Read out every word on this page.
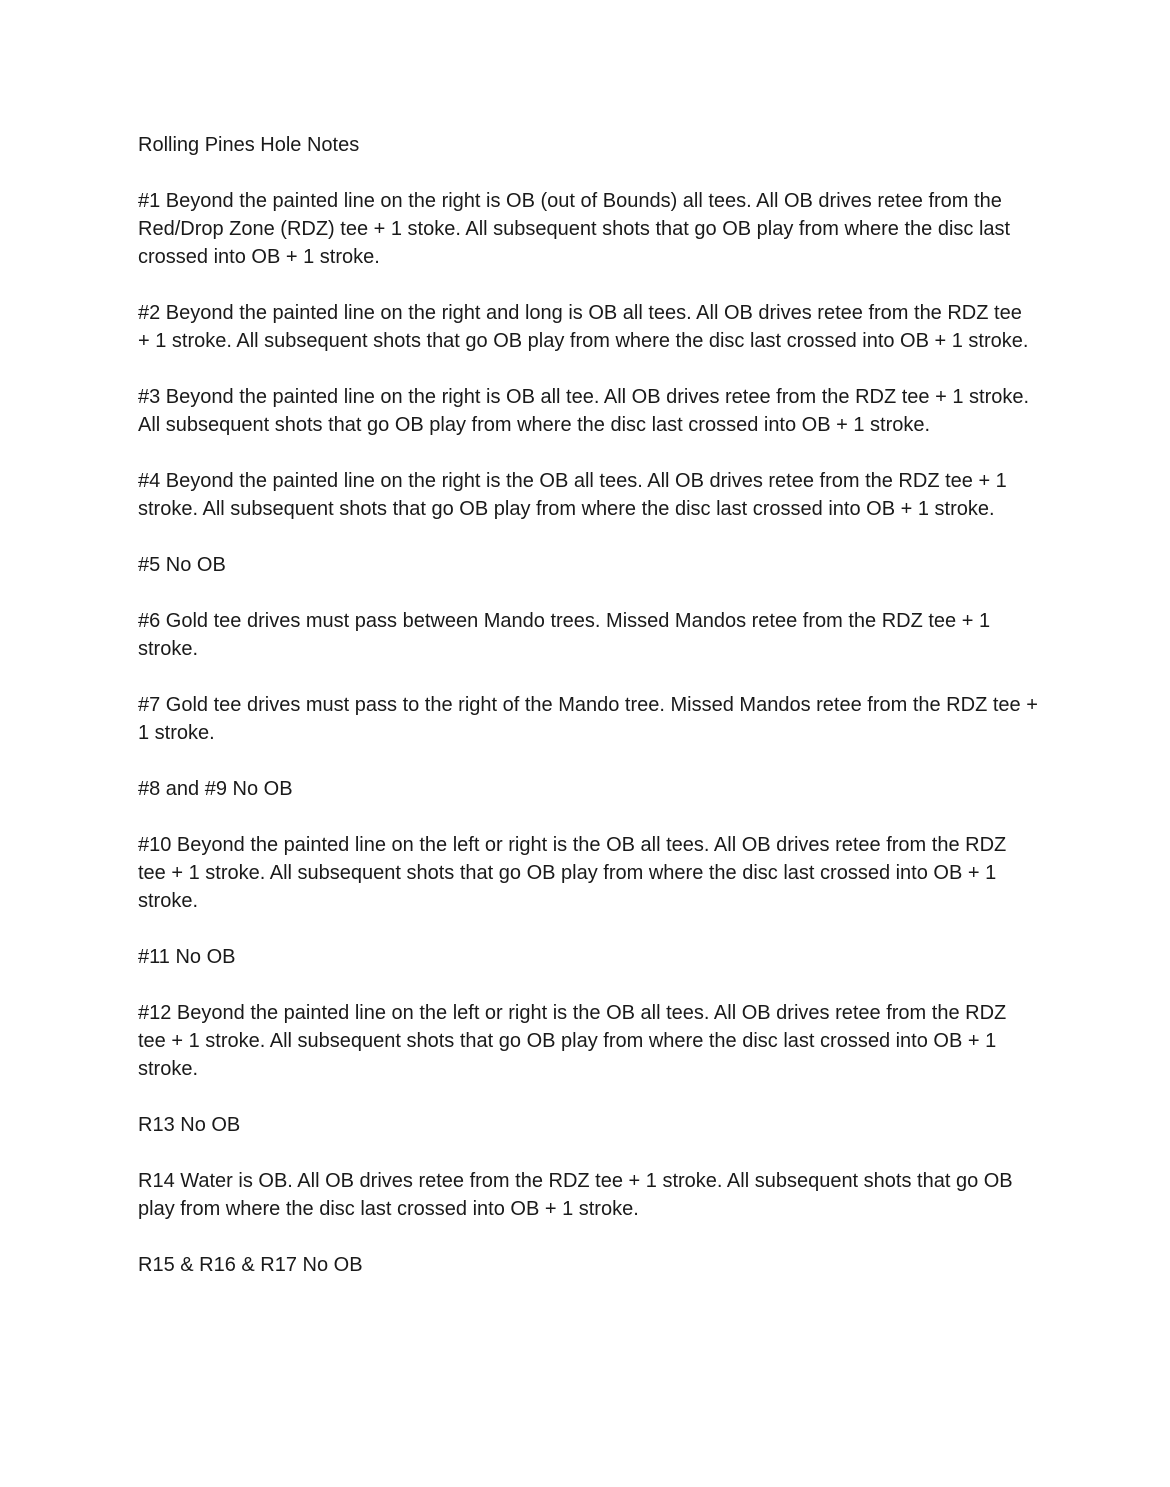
Rolling Pines Hole Notes

#1 Beyond the painted line on the right is OB (out of Bounds) all tees. All OB drives retee from the Red/Drop Zone (RDZ) tee + 1 stoke. All subsequent shots that go OB play from where the disc last crossed into OB + 1 stroke.

#2 Beyond the painted line on the right and long is OB all tees. All OB drives retee from the RDZ tee + 1 stroke. All subsequent shots that go OB play from where the disc last crossed into OB + 1 stroke.

#3 Beyond the painted line on the right is OB all tee. All OB drives retee from the RDZ tee + 1 stroke. All subsequent shots that go OB play from where the disc last crossed into OB + 1 stroke.

#4 Beyond the painted line on the right is the OB all tees. All OB drives retee from the RDZ tee + 1 stroke. All subsequent shots that go OB play from where the disc last crossed into OB + 1 stroke.

#5 No OB

#6 Gold tee drives must pass between Mando trees. Missed Mandos retee from the RDZ tee + 1 stroke.

#7 Gold tee drives must pass to the right of the Mando tree. Missed Mandos retee from the RDZ tee + 1 stroke.

#8 and #9 No OB

#10 Beyond the painted line on the left or right is the OB all tees. All OB drives retee from the RDZ tee + 1 stroke. All subsequent shots that go OB play from where the disc last crossed into OB + 1 stroke.

#11 No OB

#12 Beyond the painted line on the left or right is the OB all tees. All OB drives retee from the RDZ tee + 1 stroke. All subsequent shots that go OB play from where the disc last crossed into OB + 1 stroke.

R13 No OB

R14 Water is OB. All OB drives retee from the RDZ tee + 1 stroke. All subsequent shots that go OB play from where the disc last crossed into OB + 1 stroke.

R15 & R16 & R17 No OB
